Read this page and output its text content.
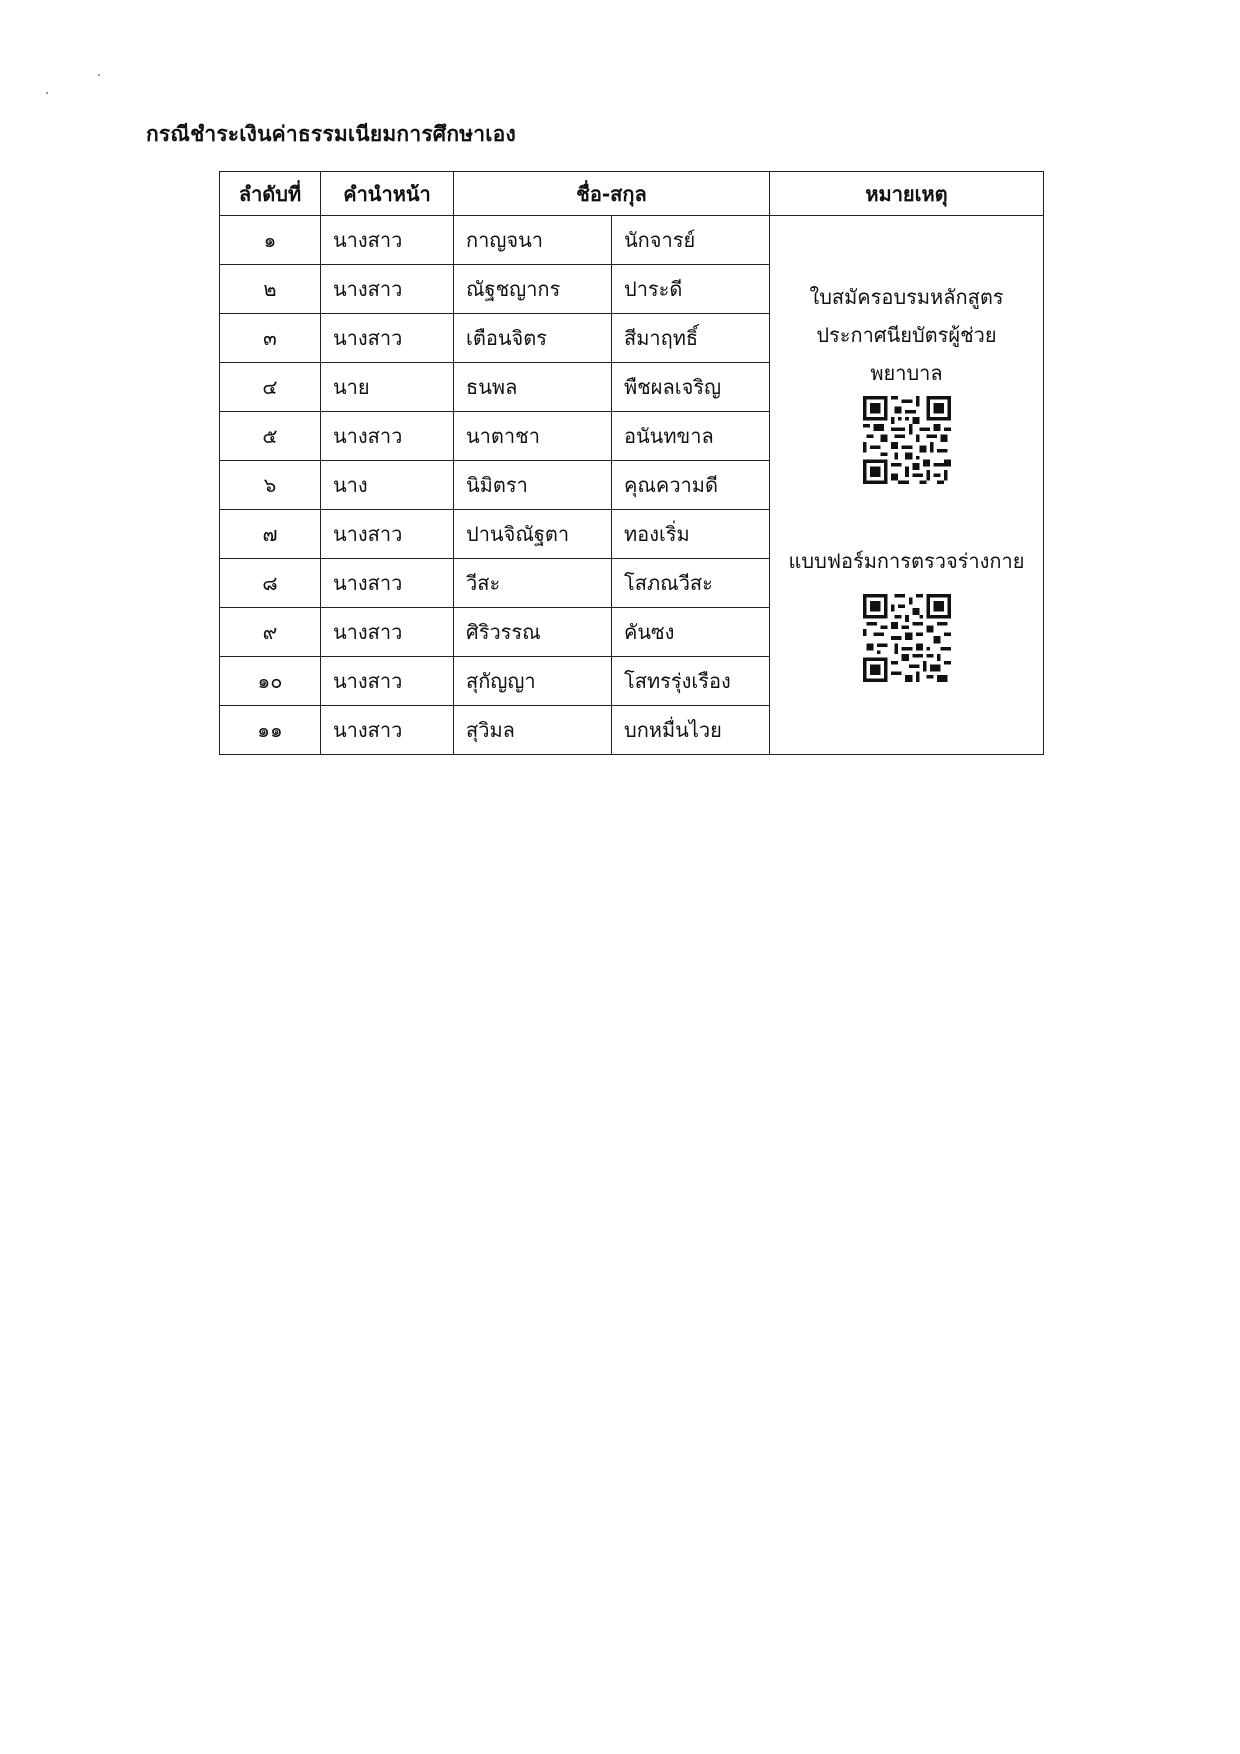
กรณีชำระเงินค่าธรรมเนียมการศึกษาเอง
ลำดับที่	คำนำหน้า	ชื่อ-สกุล		หมายเหตุ
๑	นางสาว	กาญจนา	นักจารย์	ใบสมัครอบรมหลักสูตร
ประกาศนียบัตรผู้ช่วย
พยาบาล
แบบฟอร์มการตรวจร่างกาย

๒	นางสาว	ณัฐชญากร	ปาระดี	
๓	นางสาว	เตือนจิตร	สีมาฤทธิ์	
๔	นาย	ธนพล	พืชผลเจริญ	
๕	นางสาว	นาตาชา	อนันทขาล	
๖	นาง	นิมิตรา	คุณความดี	
๗	นางสาว	ปานจิณัฐตา	ทองเริ่ม	
๘	นางสาว	วีสะ	โสภณวีสะ	
๙	นางสาว	ศิริวรรณ	คันซง	
๑๐	นางสาว	สุกัญญา	โสทรรุ่งเรือง	
๑๑	นางสาว	สุวิมล	บกหมื่นไวย	
